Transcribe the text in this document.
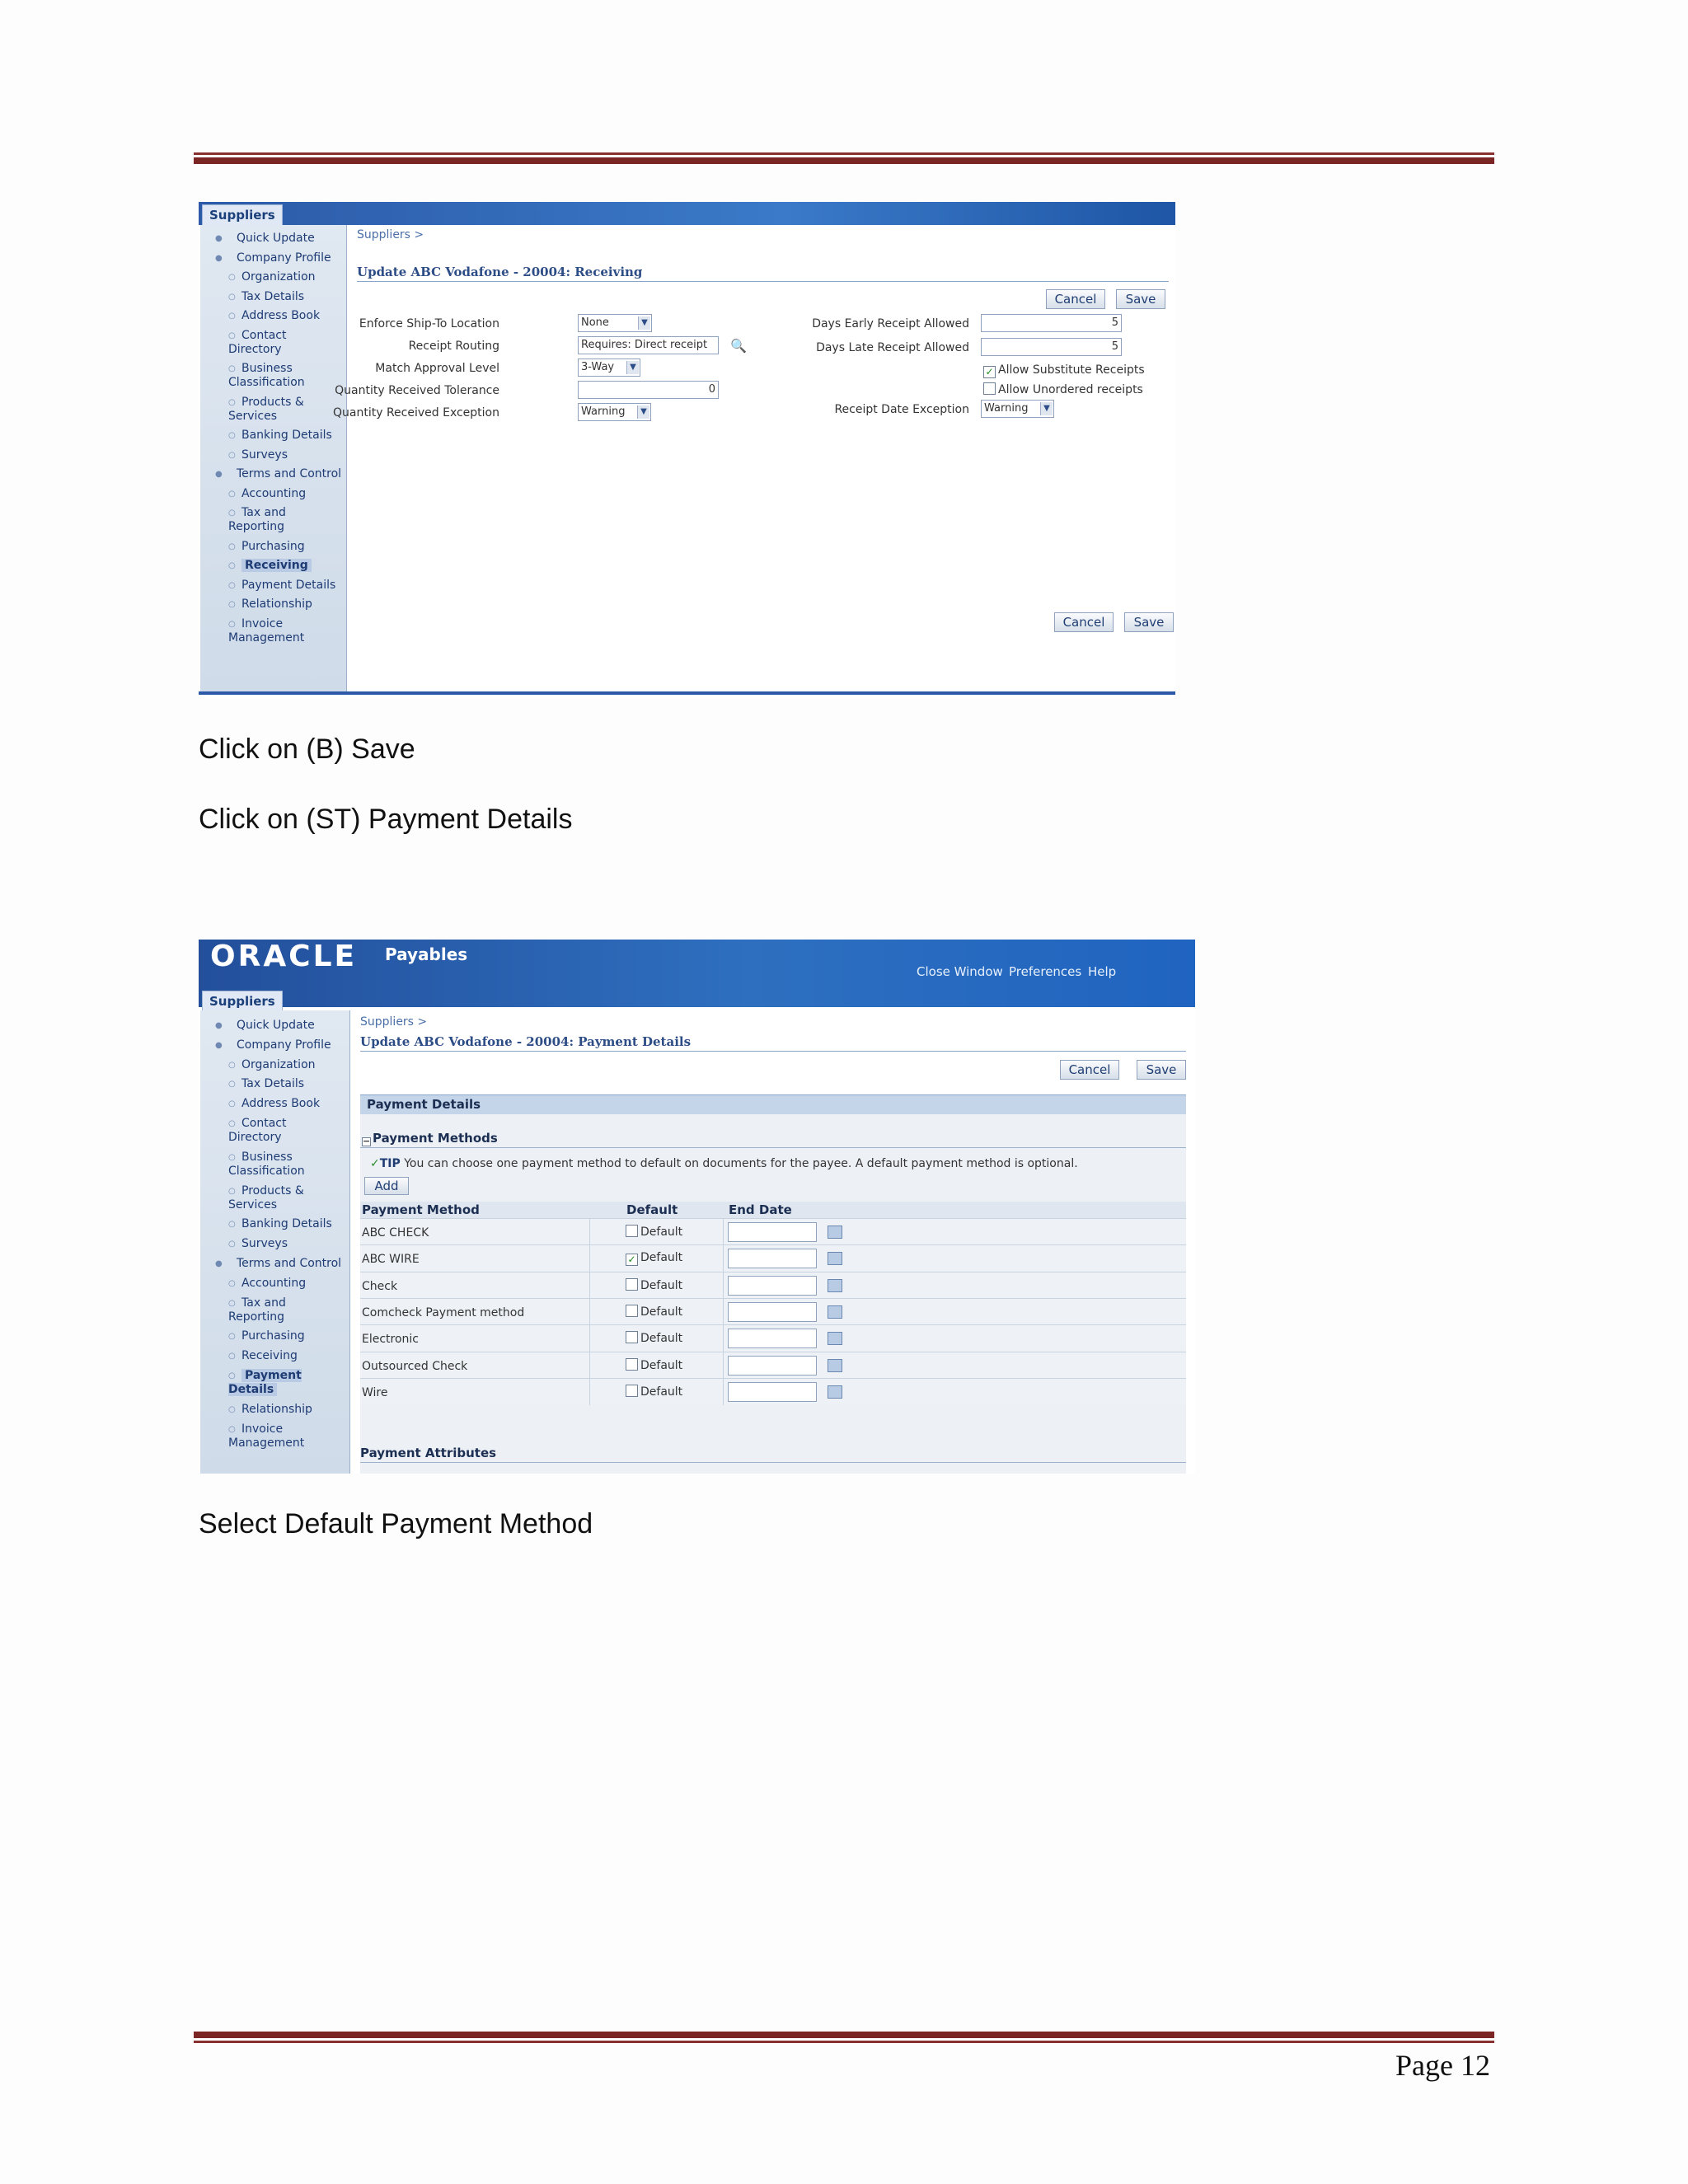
Suppliers
● Quick Update
● Company Profile
○ Organization
○ Tax Details
○ Address Book
○ Contact
Directory
○ Business
Classification
○ Products &
Services
○ Banking Details
○ Surveys
● Terms and Control
○ Accounting
○ Tax and
Reporting
○ Purchasing
○ Receiving
○ Payment Details
○ Relationship
○ Invoice
Management
Suppliers >
Update ABC Vodafone - 20004: Receiving
Cancel	Save
Enforce Ship-To Location	None	▼
Receipt Routing	Requires: Direct receipt	🔍
Match Approval Level	3-Way	▼
Quantity Received Tolerance	0
Quantity Received Exception	Warning	▼
Days Early Receipt Allowed	5
Days Late Receipt Allowed	5
✓ Allow Substitute Receipts
Allow Unordered receipts
Receipt Date Exception	Warning	▼
Cancel	Save
Click on (B) Save
Click on (ST) Payment Details
ORACLE Payables
Close Window Preferences Help
Suppliers
● Quick Update
● Company Profile
○ Organization
○ Tax Details
○ Address Book
○ Contact
Directory
○ Business
Classification
○ Products &
Services
○ Banking Details
○ Surveys
● Terms and Control
○ Accounting
○ Tax and
Reporting
○ Purchasing
○ Receiving
○ Payment
Details
○ Relationship
○ Invoice
Management
Suppliers >
Update ABC Vodafone - 20004: Payment Details
Cancel	Save
Payment Details
− Payment Methods
✓TIP You can choose one payment method to default on documents for the payee. A default payment method is optional.
Add
Payment Method	Default	End Date
ABC CHECK	Default
ABC WIRE	✓ Default
Check	Default
Comcheck Payment method	Default
Electronic	Default
Outsourced Check	Default
Wire	Default
Payment Attributes
Select Default Payment Method
Page 12
